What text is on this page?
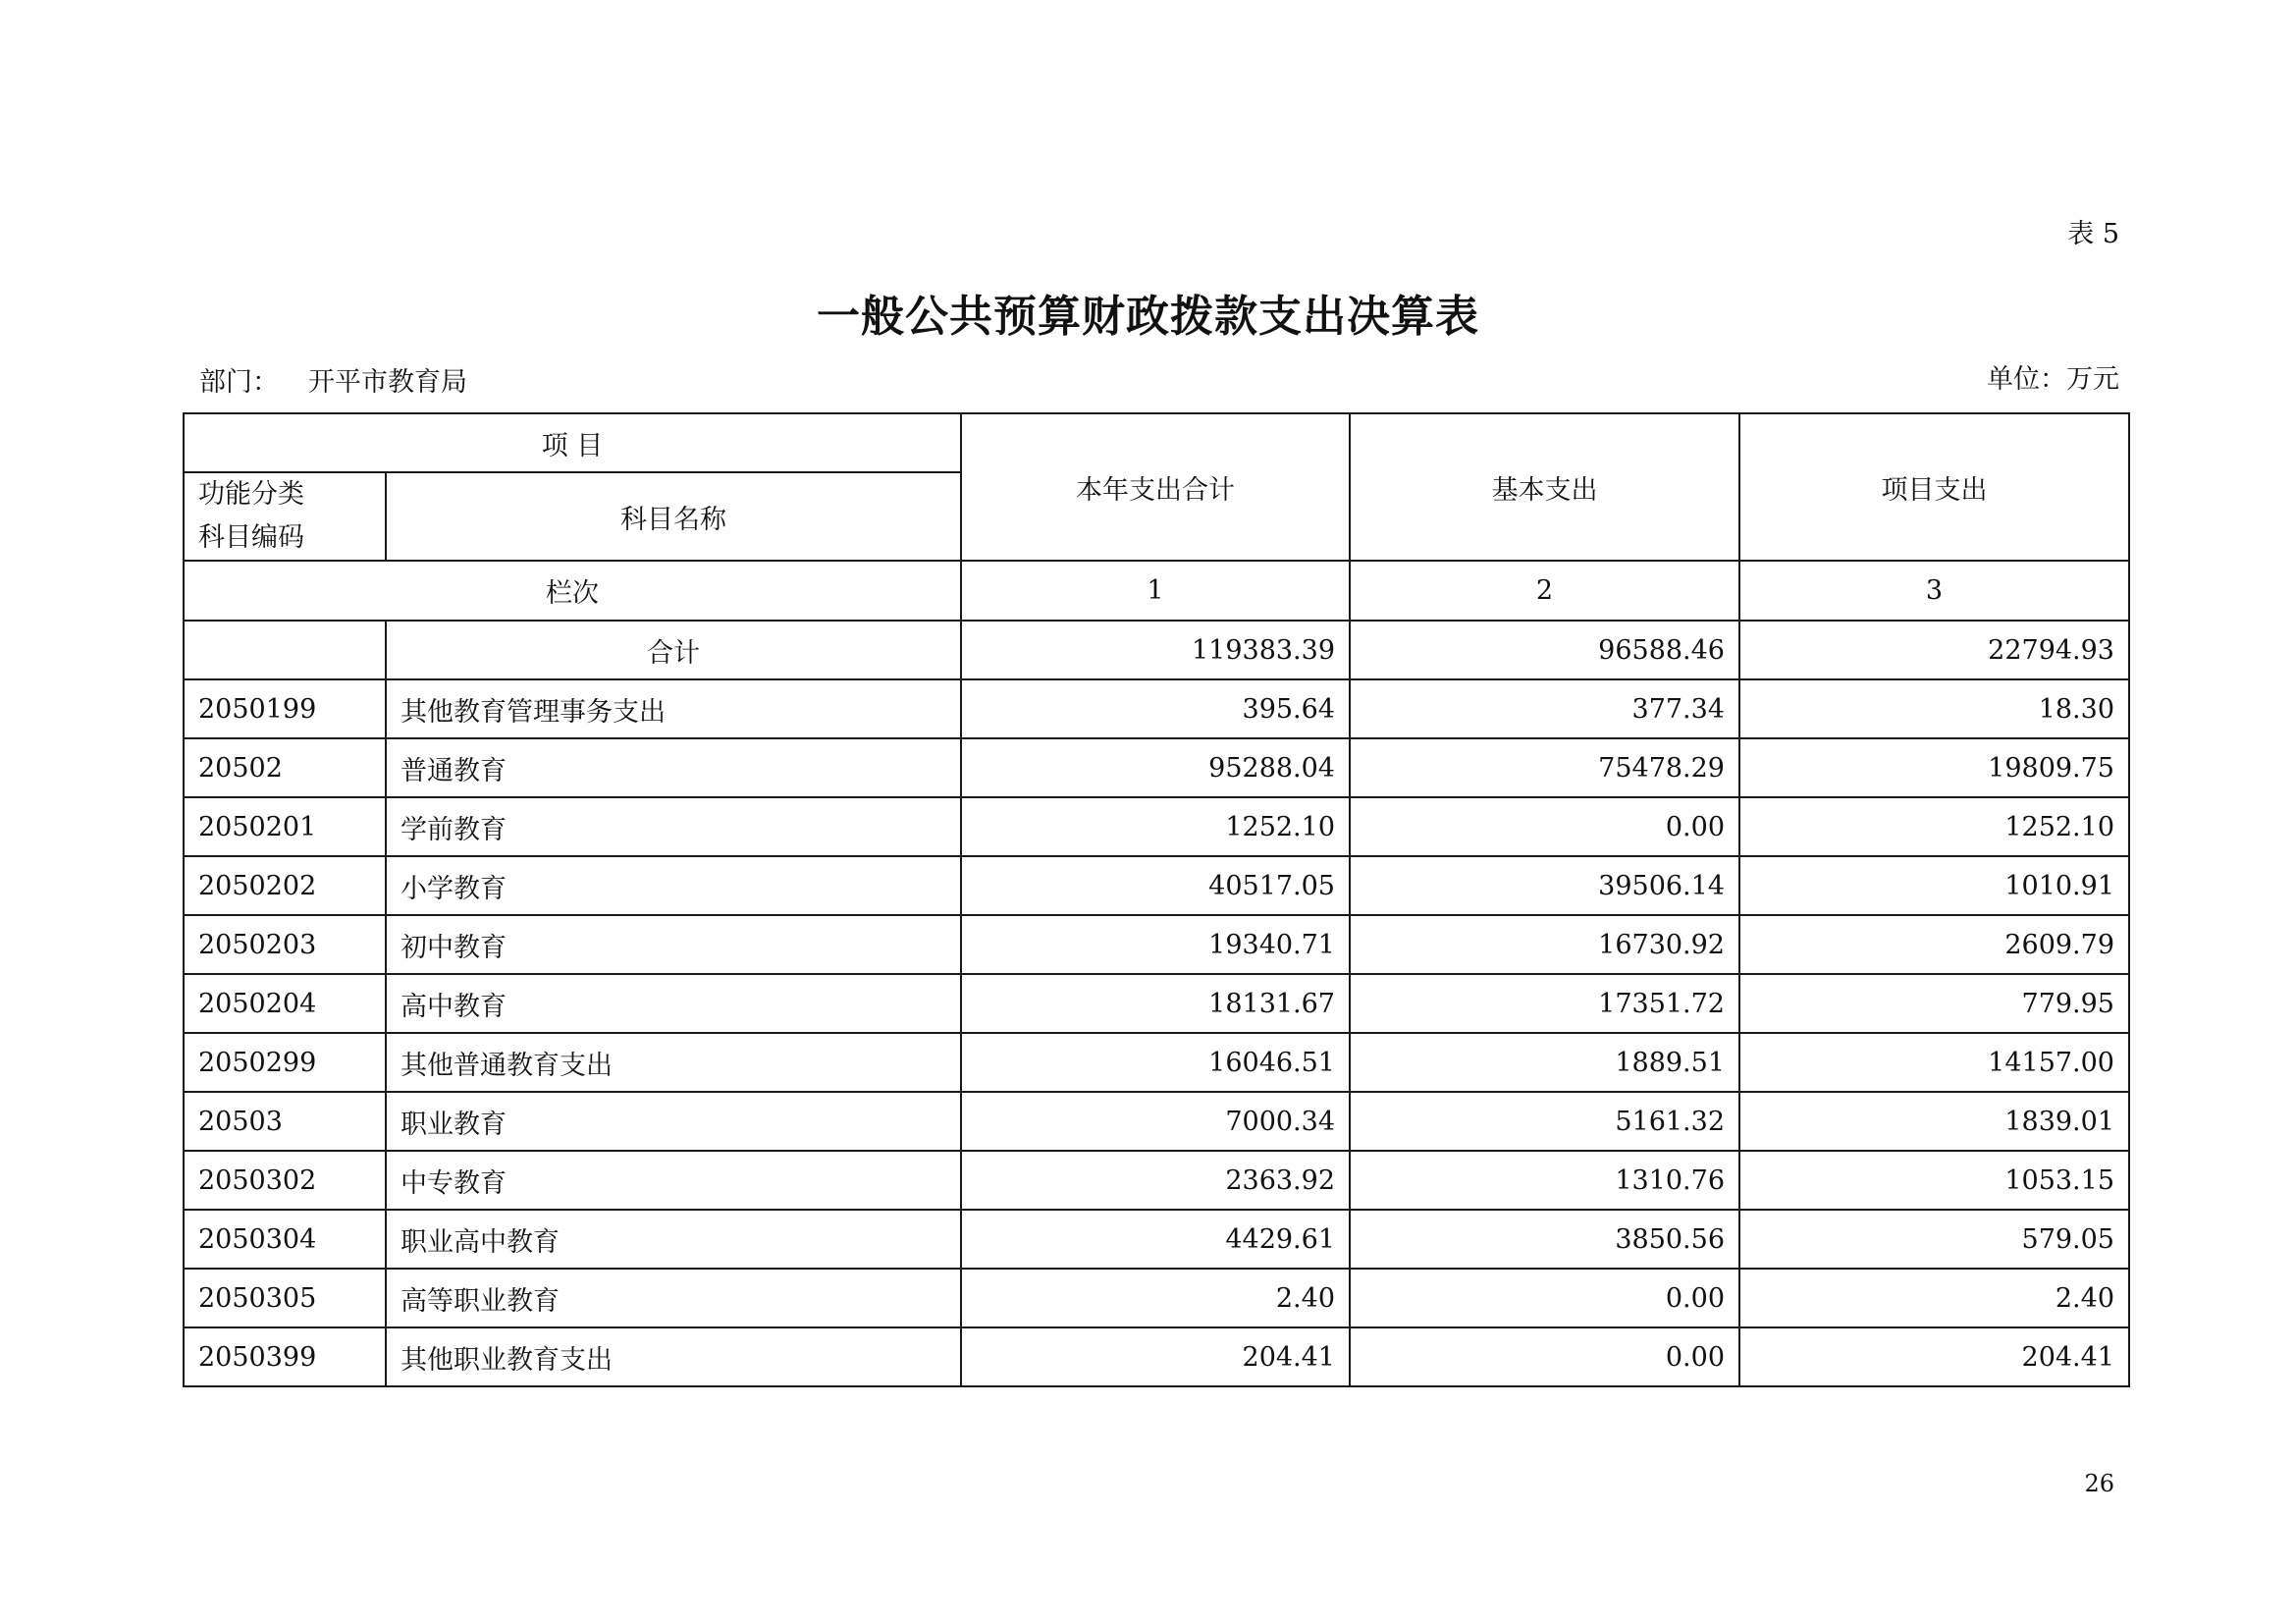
表 5
一般公共预算财政拨款支出决算表
部门： 开平市教育局	单位：万元
项 目		本年支出合计	基本支出	项目支出

功能分类
科目编码	科目名称			
栏次		1	2	3
	合计	119383.39	96588.46	22794.93
2050199	其他教育管理事务支出	395.64	377.34	18.30
20502	普通教育	95288.04	75478.29	19809.75
2050201	学前教育	1252.10	0.00	1252.10
2050202	小学教育	40517.05	39506.14	1010.91
2050203	初中教育	19340.71	16730.92	2609.79
2050204	高中教育	18131.67	17351.72	779.95
2050299	其他普通教育支出	16046.51	1889.51	14157.00
20503	职业教育	7000.34	5161.32	1839.01
2050302	中专教育	2363.92	1310.76	1053.15
2050304	职业高中教育	4429.61	3850.56	579.05
2050305	高等职业教育	2.40	0.00	2.40
2050399	其他职业教育支出	204.41	0.00	204.41
26
